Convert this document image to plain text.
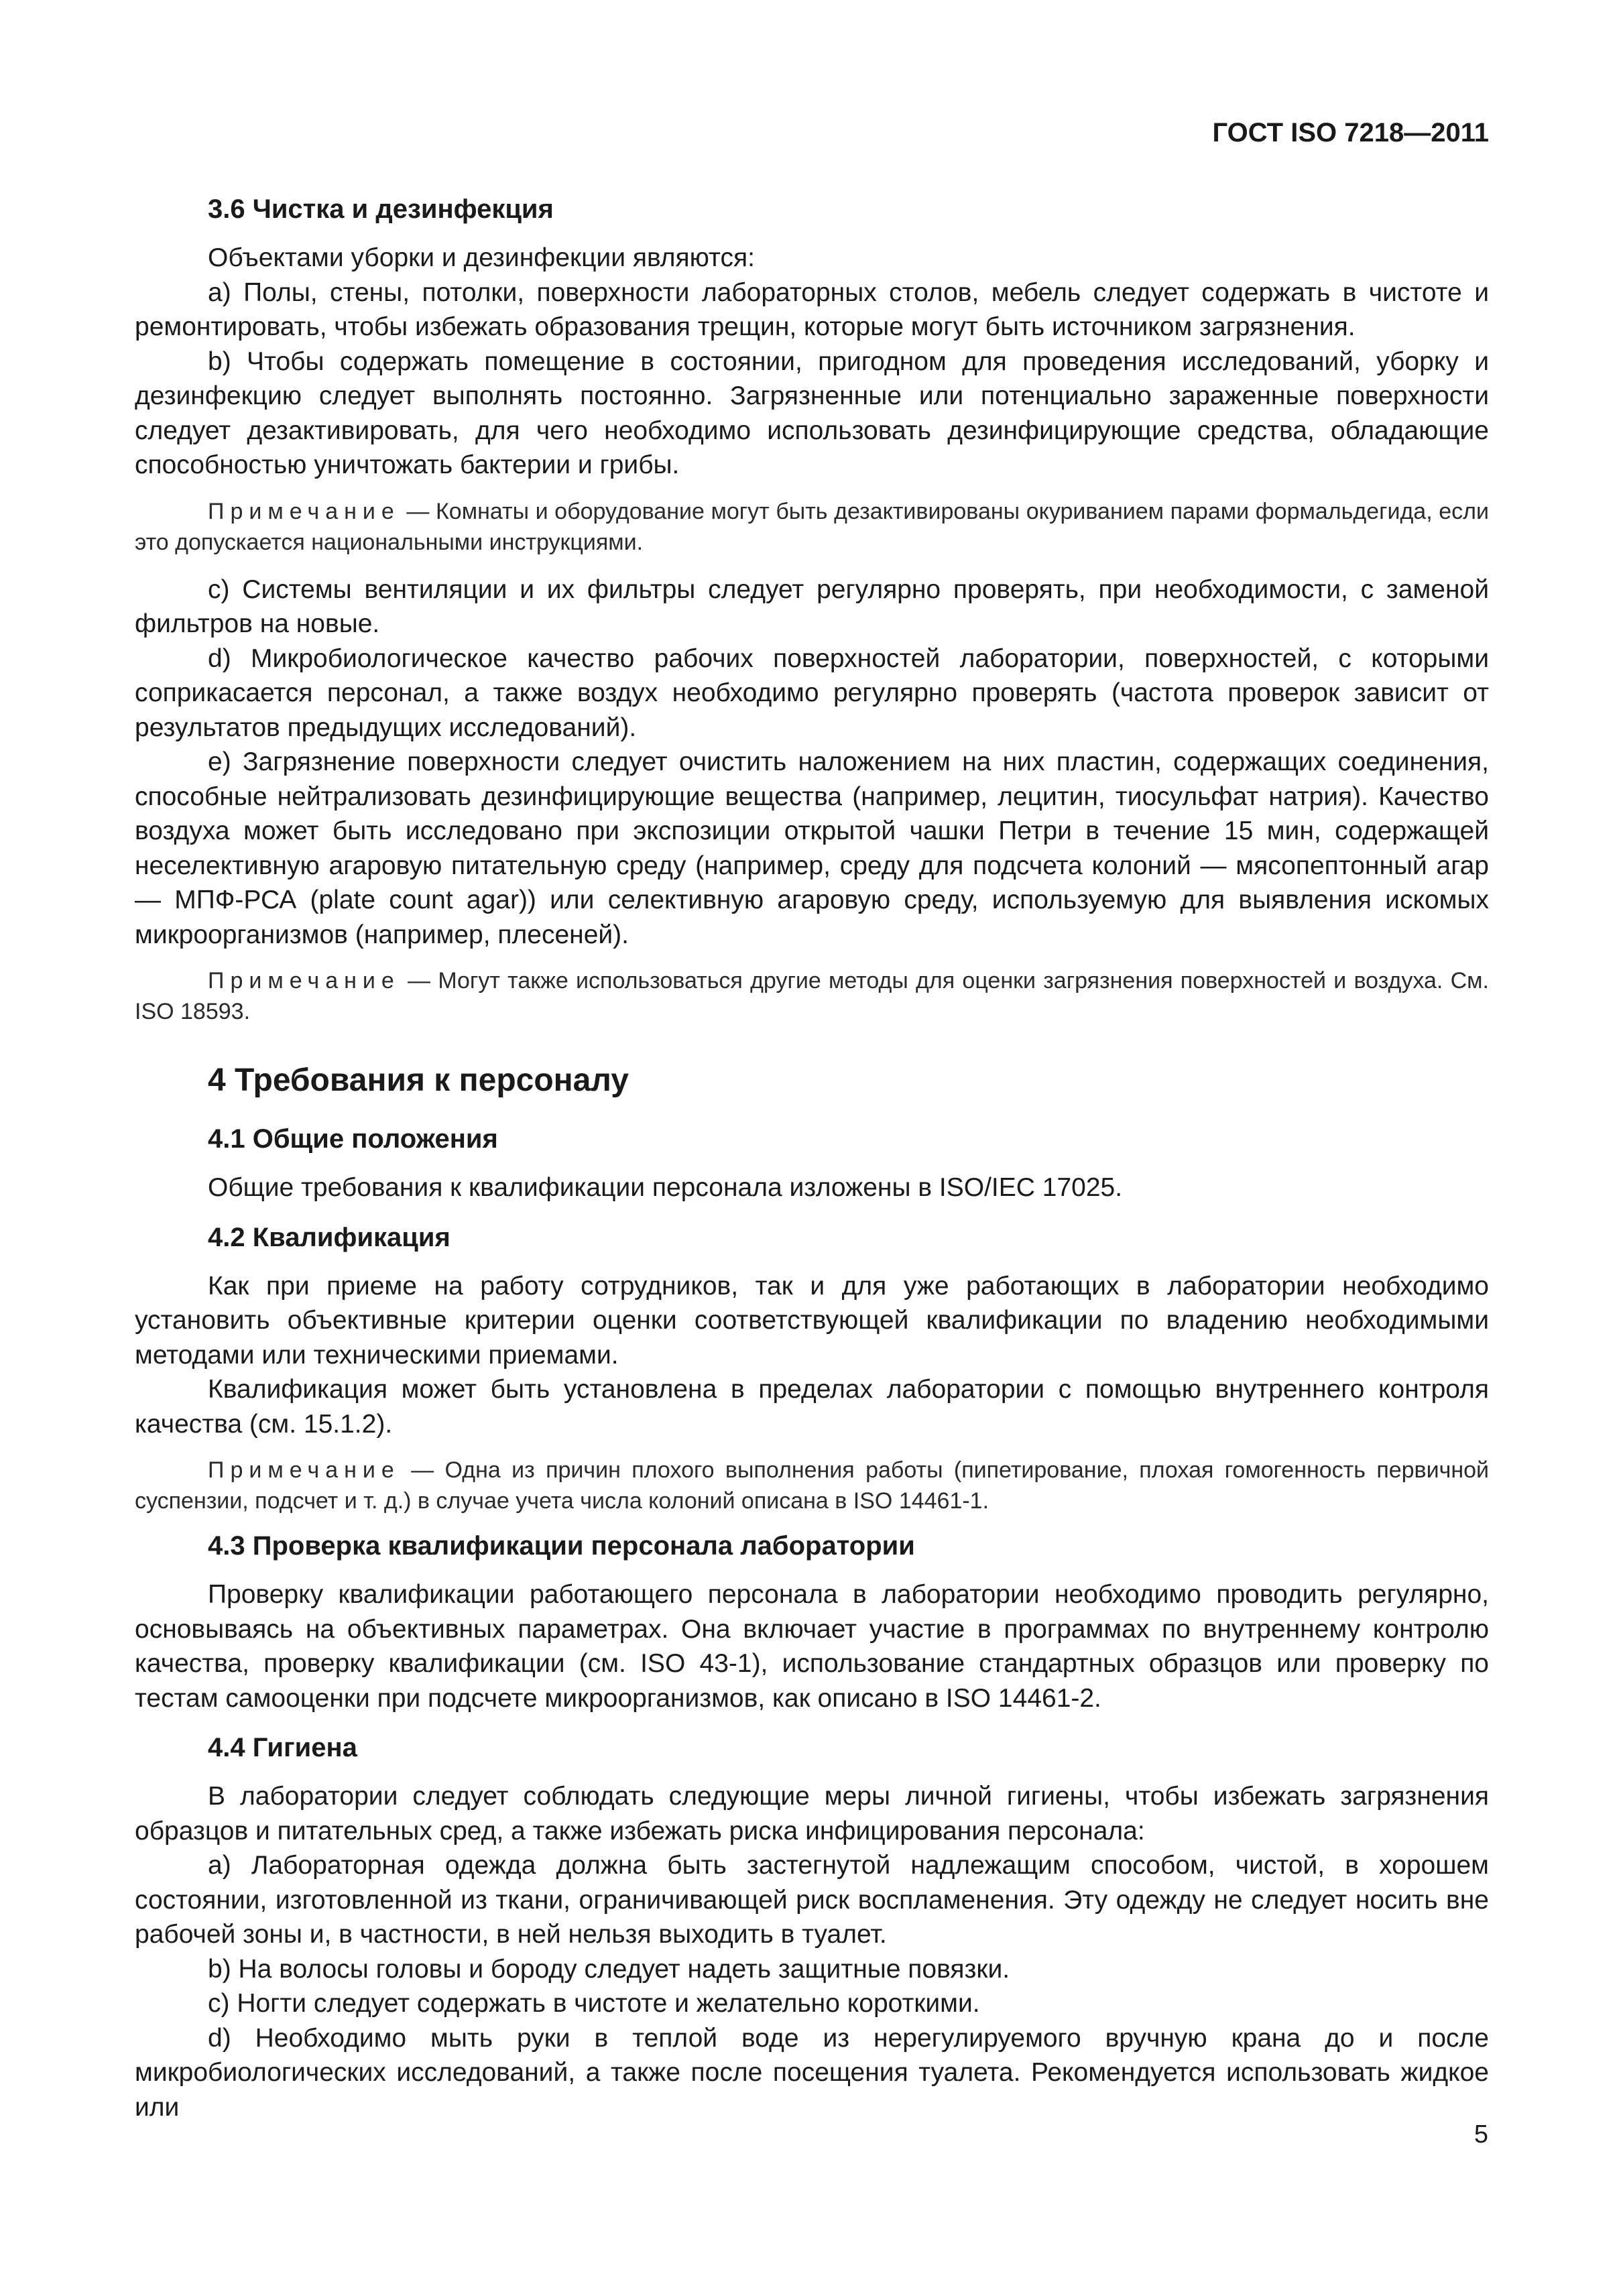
ГОСТ ISO 7218—2011
3.6 Чистка и дезинфекция

Объектами уборки и дезинфекции являются:

a) Полы, стены, потолки, поверхности лабораторных столов, мебель следует содержать в чистоте и ремонтировать, чтобы избежать образования трещин, которые могут быть источником загрязнения.

b) Чтобы содержать помещение в состоянии, пригодном для проведения исследований, уборку и дезинфекцию следует выполнять постоянно. Загрязненные или потенциально зараженные поверхности следует дезактивировать, для чего необходимо использовать дезинфицирующие средства, обладающие способностью уничтожать бактерии и грибы.

Примечание — Комнаты и оборудование могут быть дезактивированы окуриванием парами формальдегида, если это допускается национальными инструкциями.

c) Системы вентиляции и их фильтры следует регулярно проверять, при необходимости, с заменой фильтров на новые.

d) Микробиологическое качество рабочих поверхностей лаборатории, поверхностей, с которыми соприкасается персонал, а также воздух необходимо регулярно проверять (частота проверок зависит от результатов предыдущих исследований).

e) Загрязнение поверхности следует очистить наложением на них пластин, содержащих соединения, способные нейтрализовать дезинфицирующие вещества (например, лецитин, тиосульфат натрия). Качество воздуха может быть исследовано при экспозиции открытой чашки Петри в течение 15 мин, содержащей неселективную агаровую питательную среду (например, среду для подсчета колоний — мясопептонный агар — МПФ-РСА (plate count agar)) или селективную агаровую среду, используемую для выявления искомых микроорганизмов (например, плесеней).

Примечание — Могут также использоваться другие методы для оценки загрязнения поверхностей и воздуха. См. ISO 18593.

4 Требования к персоналу
4.1 Общие положения

Общие требования к квалификации персонала изложены в ISO/IEC 17025.

4.2 Квалификация

Как при приеме на работу сотрудников, так и для уже работающих в лаборатории необходимо установить объективные критерии оценки соответствующей квалификации по владению необходимыми методами или техническими приемами.

Квалификация может быть установлена в пределах лаборатории с помощью внутреннего контроля качества (см. 15.1.2).

Примечание — Одна из причин плохого выполнения работы (пипетирование, плохая гомогенность первичной суспензии, подсчет и т. д.) в случае учета числа колоний описана в ISO 14461-1.

4.3 Проверка квалификации персонала лаборатории

Проверку квалификации работающего персонала в лаборатории необходимо проводить регулярно, основываясь на объективных параметрах. Она включает участие в программах по внутреннему контролю качества, проверку квалификации (см. ISO 43-1), использование стандартных образцов или проверку по тестам самооценки при подсчете микроорганизмов, как описано в ISO 14461-2.

4.4 Гигиена

В лаборатории следует соблюдать следующие меры личной гигиены, чтобы избежать загрязнения образцов и питательных сред, а также избежать риска инфицирования персонала:

a) Лабораторная одежда должна быть застегнутой надлежащим способом, чистой, в хорошем состоянии, изготовленной из ткани, ограничивающей риск воспламенения. Эту одежду не следует носить вне рабочей зоны и, в частности, в ней нельзя выходить в туалет.

b) На волосы головы и бороду следует надеть защитные повязки.

c) Ногти следует содержать в чистоте и желательно короткими.

d) Необходимо мыть руки в теплой воде из нерегулируемого вручную крана до и после микробиологических исследований, а также после посещения туалета. Рекомендуется использовать жидкое или

5
